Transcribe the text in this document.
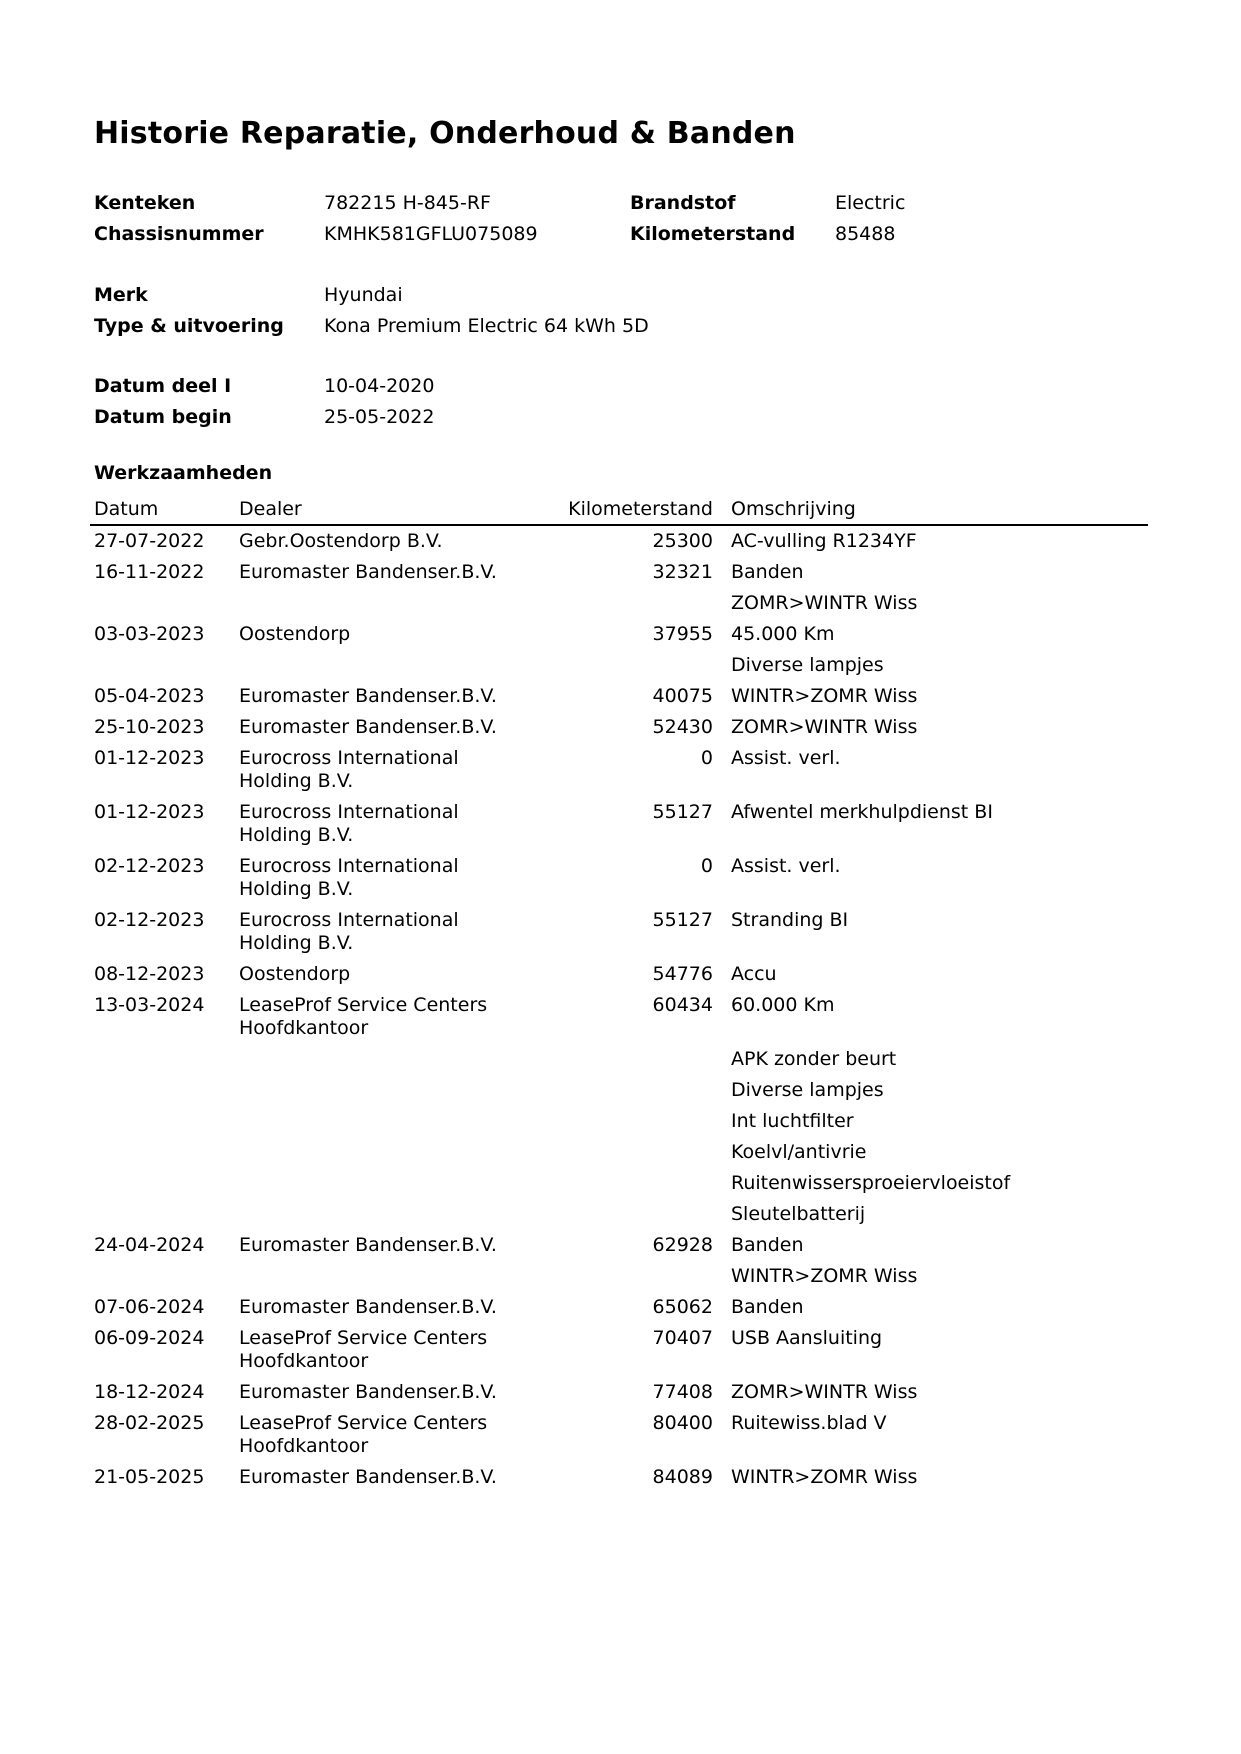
Historie Reparatie, Onderhoud & Banden
Kenteken	782215 H-845-RF	Brandstof	Electric
Chassisnummer	KMHK581GFLU075089	Kilometerstand 85488
Merk	Hyundai
Type & uitvoering Kona Premium Electric 64 kWh 5D
Datum deel I	10-04-2020
Datum begin	25-05-2022
Werkzaamheden
Datum	Dealer	Kilometerstand	Omschrijving
27-07-2022	Gebr.Oostendorp B.V.	25300	AC-vulling R1234YF
16-11-2022	Euromaster Bandenser.B.V.	32321	Banden
			ZOMR>WINTR Wiss
03-03-2023	Oostendorp	37955	45.000 Km
			Diverse lampjes
05-04-2023	Euromaster Bandenser.B.V.	40075	WINTR>ZOMR Wiss
25-10-2023	Euromaster Bandenser.B.V.	52430	ZOMR>WINTR Wiss
01-12-2023	Eurocross International Holding B.V.	0	Assist. verl.
01-12-2023	Eurocross International Holding B.V.	55127	Afwentel merkhulpdienst BI
02-12-2023	Eurocross International Holding B.V.	0	Assist. verl.
02-12-2023	Eurocross International Holding B.V.	55127	Stranding BI
08-12-2023	Oostendorp	54776	Accu
13-03-2024	LeaseProf Service Centers Hoofdkantoor	60434	60.000 Km
			APK zonder beurt
			Diverse lampjes
			Int luchtfilter
			Koelvl/antivrie
			Ruitenwissersproeiervloeistof
			Sleutelbatterij
24-04-2024	Euromaster Bandenser.B.V.	62928	Banden
			WINTR>ZOMR Wiss
07-06-2024	Euromaster Bandenser.B.V.	65062	Banden
06-09-2024	LeaseProf Service Centers Hoofdkantoor	70407	USB Aansluiting
18-12-2024	Euromaster Bandenser.B.V.	77408	ZOMR>WINTR Wiss
28-02-2025	LeaseProf Service Centers Hoofdkantoor	80400	Ruitewiss.blad V
21-05-2025	Euromaster Bandenser.B.V.	84089	WINTR>ZOMR Wiss
